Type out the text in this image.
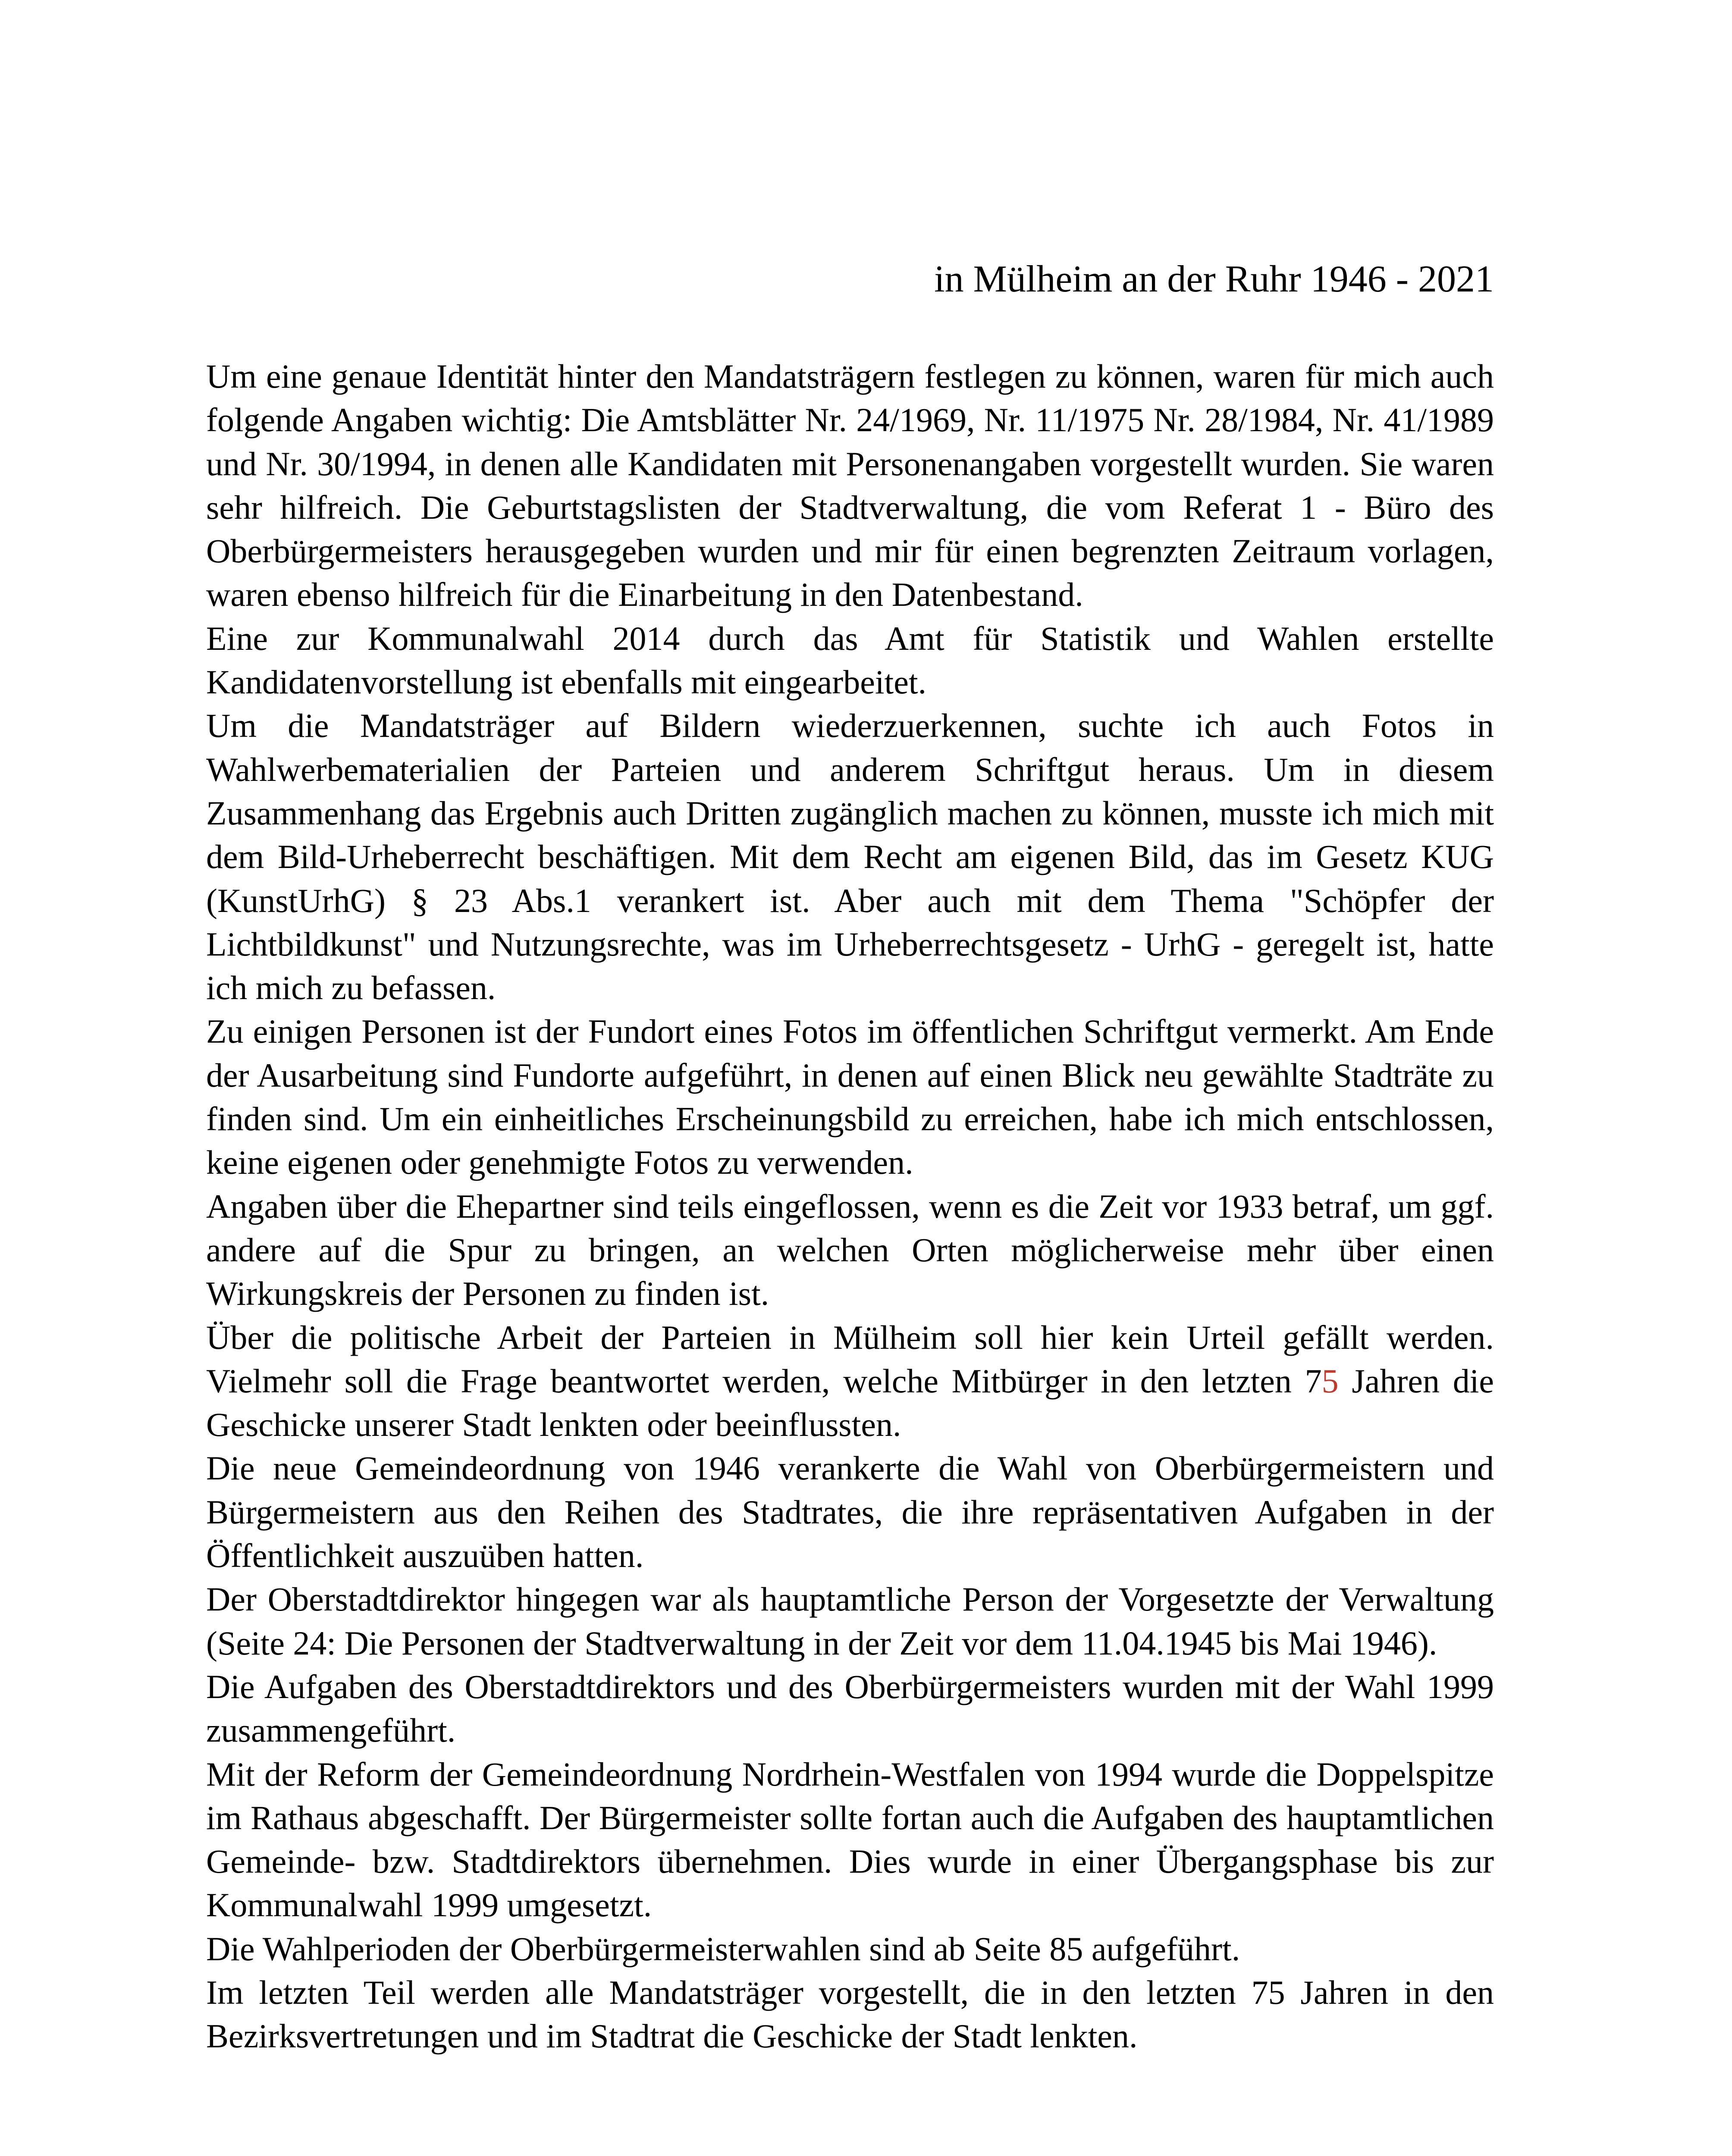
in Mülheim an der Ruhr 1946 - 2021

Um eine genaue Identität hinter den Mandatsträgern festlegen zu können, waren für mich auch folgende Angaben wichtig: Die Amtsblätter Nr. 24/1969, Nr. 11/1975 Nr. 28/1984, Nr. 41/1989 und Nr. 30/1994, in denen alle Kandidaten mit Personenangaben vorgestellt wurden. Sie waren sehr hilfreich. Die Geburtstagslisten der Stadtverwaltung, die vom Referat 1 - Büro des Oberbürgermeisters herausgegeben wurden und mir für einen begrenzten Zeitraum vorlagen, waren ebenso hilfreich für die Einarbeitung in den Datenbestand.

Eine zur Kommunalwahl 2014 durch das Amt für Statistik und Wahlen erstellte Kandidatenvorstellung ist ebenfalls mit eingearbeitet.

Um die Mandatsträger auf Bildern wiederzuerkennen, suchte ich auch Fotos in Wahlwerbematerialien der Parteien und anderem Schriftgut heraus. Um in diesem Zusammenhang das Ergebnis auch Dritten zugänglich machen zu können, musste ich mich mit dem Bild-Urheberrecht beschäftigen. Mit dem Recht am eigenen Bild, das im Gesetz KUG (KunstUrhG) § 23 Abs.1 verankert ist. Aber auch mit dem Thema "Schöpfer der Lichtbildkunst" und Nutzungsrechte, was im Urheberrechtsgesetz - UrhG - geregelt ist, hatte ich mich zu befassen.

Zu einigen Personen ist der Fundort eines Fotos im öffentlichen Schriftgut vermerkt. Am Ende der Ausarbeitung sind Fundorte aufgeführt, in denen auf einen Blick neu gewählte Stadträte zu finden sind. Um ein einheitliches Erscheinungsbild zu erreichen, habe ich mich entschlossen, keine eigenen oder genehmigte Fotos zu verwenden.

Angaben über die Ehepartner sind teils eingeflossen, wenn es die Zeit vor 1933 betraf, um ggf. andere auf die Spur zu bringen, an welchen Orten möglicherweise mehr über einen Wirkungskreis der Personen zu finden ist.

Über die politische Arbeit der Parteien in Mülheim soll hier kein Urteil gefällt werden. Vielmehr soll die Frage beantwortet werden, welche Mitbürger in den letzten 75 Jahren die Geschicke unserer Stadt lenkten oder beeinflussten.

Die neue Gemeindeordnung von 1946 verankerte die Wahl von Oberbürgermeistern und Bürgermeistern aus den Reihen des Stadtrates, die ihre repräsentativen Aufgaben in der Öffentlichkeit auszuüben hatten.

Der Oberstadtdirektor hingegen war als hauptamtliche Person der Vorgesetzte der Verwaltung (Seite 24: Die Personen der Stadtverwaltung in der Zeit vor dem 11.04.1945 bis Mai 1946).

Die Aufgaben des Oberstadtdirektors und des Oberbürgermeisters wurden mit der Wahl 1999 zusammengeführt.

Mit der Reform der Gemeindeordnung Nordrhein-Westfalen von 1994 wurde die Doppelspitze im Rathaus abgeschafft. Der Bürgermeister sollte fortan auch die Aufgaben des hauptamtlichen Gemeinde- bzw. Stadtdirektors übernehmen. Dies wurde in einer Übergangsphase bis zur Kommunalwahl 1999 umgesetzt.

Die Wahlperioden der Oberbürgermeisterwahlen sind ab Seite 85 aufgeführt.

Im letzten Teil werden alle Mandatsträger vorgestellt, die in den letzten 75 Jahren in den Bezirksvertretungen und im Stadtrat die Geschicke der Stadt lenkten.
